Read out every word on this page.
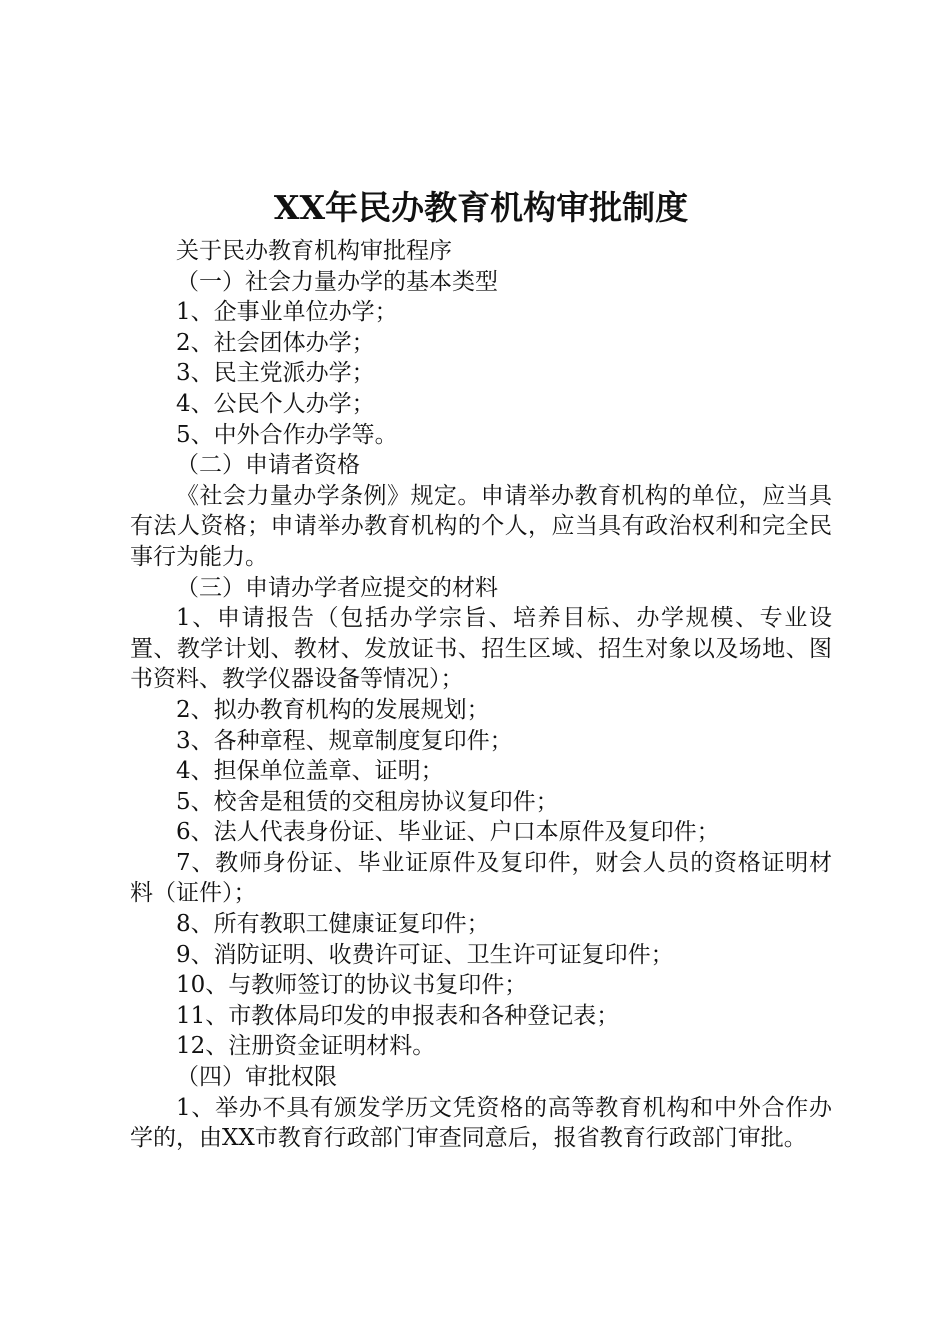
XX年民办教育机构审批制度

关于民办教育机构审批程序

（一）社会力量办学的基本类型

1、企事业单位办学；

2、社会团体办学；

3、民主党派办学；

4、公民个人办学；

5、中外合作办学等。

（二）申请者资格

《社会力量办学条例》规定。申请举办教育机构的单位，应当具有法人资格；申请举办教育机构的个人，应当具有政治权利和完全民事行为能力。

（三）申请办学者应提交的材料

1、申请报告（包括办学宗旨、培养目标、办学规模、专业设置、教学计划、教材、发放证书、招生区域、招生对象以及场地、图书资料、教学仪器设备等情况）；

2、拟办教育机构的发展规划；

3、各种章程、规章制度复印件；

4、担保单位盖章、证明；

5、校舍是租赁的交租房协议复印件；

6、法人代表身份证、毕业证、户口本原件及复印件；

7、教师身份证、毕业证原件及复印件，财会人员的资格证明材料（证件）；

8、所有教职工健康证复印件；

9、消防证明、收费许可证、卫生许可证复印件；

10、与教师签订的协议书复印件；

11、市教体局印发的申报表和各种登记表；

12、注册资金证明材料。

（四）审批权限

1、举办不具有颁发学历文凭资格的高等教育机构和中外合作办学的，由XX市教育行政部门审查同意后，报省教育行政部门审批。
